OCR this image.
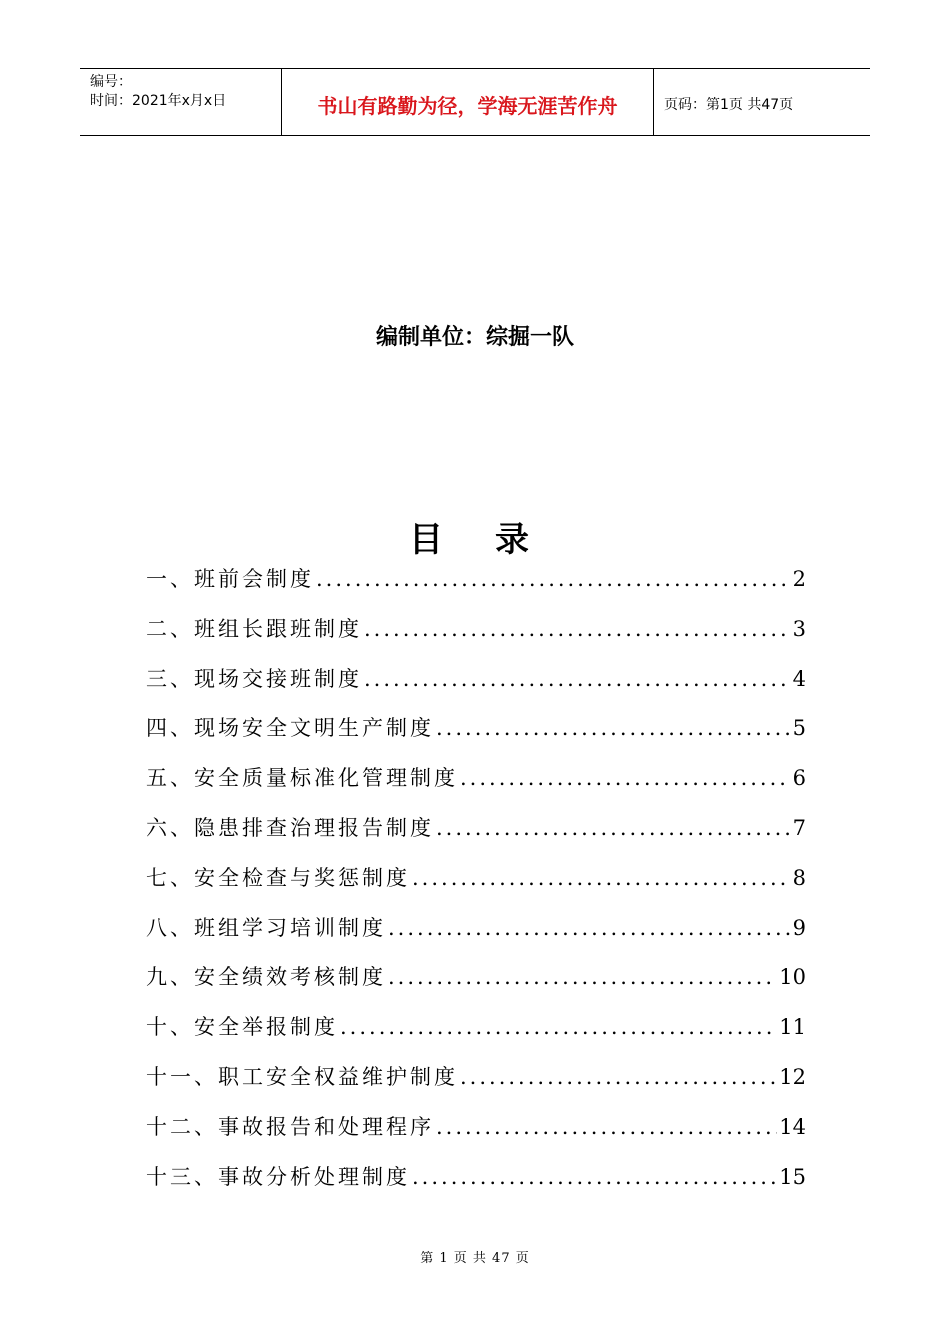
编号：
时间：2021年x月x日	书山有路勤为径，学海无涯苦作舟	页码：第1页 共47页
编制单位：综掘一队
目录
一、班前会制度 .....	2
二、班组长跟班制度 .....	3
三、现场交接班制度 .....	4
四、现场安全文明生产制度 .....	5
五、安全质量标准化管理制度 .....	6
六、隐患排查治理报告制度 .....	7
七、安全检查与奖惩制度 .....	8
八、班组学习培训制度 .....	9
九、安全绩效考核制度 .....	10
十、安全举报制度 .....	11
十一、职工安全权益维护制度 .....	12
十二、事故报告和处理程序 .....	14
十三、事故分析处理制度 .....	15
第 1 页 共 47 页
